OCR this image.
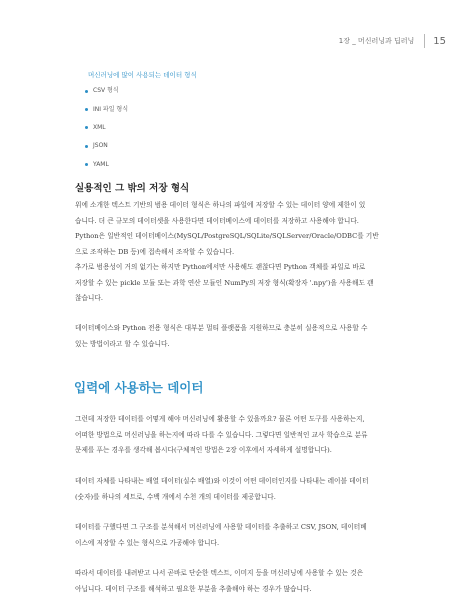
1장 _ 머신러닝과 딥러닝 15
머신러닝에 많이 사용되는 데이터 형식
CSV 형식
INI 파일 형식
XML
JSON
YAML
실용적인 그 밖의 저장 형식

위에 소개한 텍스트 기반의 범용 데이터 형식은 하나의 파일에 저장할 수 있는 데이터 양에 제한이 있
습니다. 더 큰 규모의 데이터셋을 사용한다면 데이터베이스에 데이터를 저장하고 사용해야 합니다.
Python은 일반적인 데이터베이스(MySQL/PostgreSQL/SQLite/SQLServer/Oracle/ODBC를 기반
으로 조작하는 DB 등)에 접속해서 조작할 수 있습니다.

추가로 범용성이 거의 없기는 하지만 Python에서만 사용해도 괜찮다면 Python 객체를 파일로 바로
저장할 수 있는 pickle 모듈 또는 과학 연산 모듈인 NumPy의 저장 형식(확장자 '.npy')을 사용해도 괜
찮습니다.

데이터베이스와 Python 전용 형식은 대부분 멀티 플랫폼을 지원하므로 충분히 실용적으로 사용할 수
있는 방법이라고 할 수 있습니다.

입력에 사용하는 데이터

그런데 저장한 데이터를 어떻게 해야 머신러닝에 활용할 수 있을까요? 물론 어떤 도구를 사용하는지,
어떠한 방법으로 머신러닝을 하는지에 따라 다를 수 있습니다. 그렇다면 일반적인 교사 학습으로 분류
문제를 푸는 경우를 생각해 봅시다(구체적인 방법은 2장 이후에서 자세하게 설명합니다).

데이터 자체를 나타내는 배열 데이터(실수 배열)와 이것이 어떤 데이터인지를 나타내는 레이블 데이터
(숫자)를 하나의 세트로, 수백 개에서 수천 개의 데이터를 제공합니다.

데이터를 구했다면 그 구조를 분석해서 머신러닝에 사용할 데이터를 추출하고 CSV, JSON, 데이터베
이스에 저장할 수 있는 형식으로 가공해야 합니다.

따라서 데이터를 내려받고 나서 곧바로 단순한 텍스트, 이미지 등을 머신러닝에 사용할 수 있는 것은
아닙니다. 데이터 구조를 해석하고 필요한 부분을 추출해야 하는 경우가 많습니다.
